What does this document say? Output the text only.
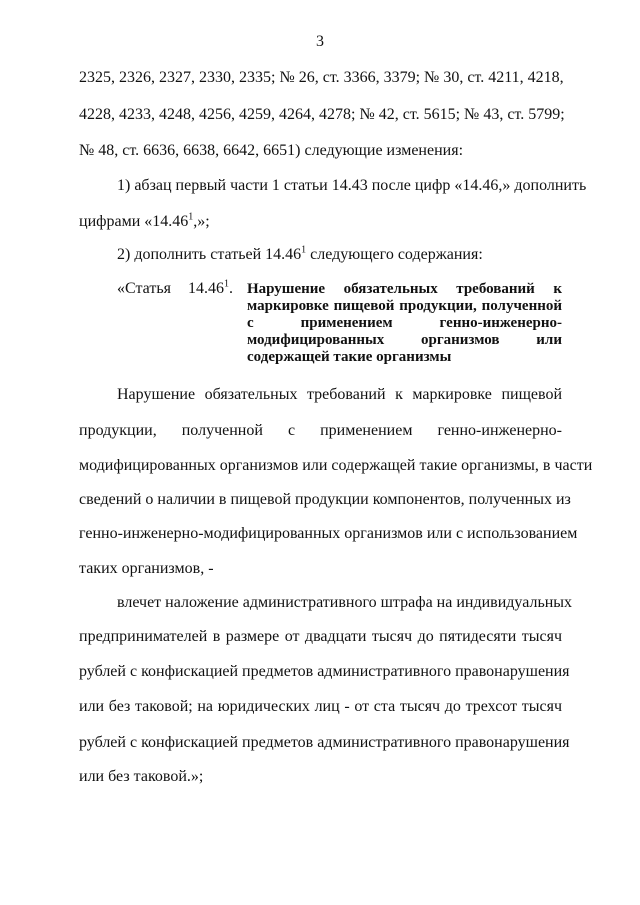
3
2325, 2326, 2327, 2330, 2335; № 26, ст. 3366, 3379; № 30, ст. 4211, 4218,
4228, 4233, 4248, 4256, 4259, 4264, 4278; № 42, ст. 5615; № 43, ст. 5799;
№ 48, ст. 6636, 6638, 6642, 6651) следующие изменения:
1) абзац первый части 1 статьи 14.43 после цифр «14.46,» дополнить
цифрами «14.46$^1$,»;
2) дополнить статьей 14.46$^1$ следующего содержания:
«Статья 14.46$^1$. Нарушение обязательных требований к
маркировке пищевой продукции, полученной
с применением генно-инженерно-
модифицированных организмов или
содержащей такие организмы
Нарушение обязательных требований к маркировке пищевой
продукции, полученной с применением генно-инженерно-
модифицированных организмов или содержащей такие организмы, в части
сведений о наличии в пищевой продукции компонентов, полученных из
генно-инженерно-модифицированных организмов или с использованием
таких организмов, -
влечет наложение административного штрафа на индивидуальных
предпринимателей в размере от двадцати тысяч до пятидесяти тысяч
рублей с конфискацией предметов административного правонарушения
или без таковой; на юридических лиц - от ста тысяч до трехсот тысяч
рублей с конфискацией предметов административного правонарушения
или без таковой.»;
